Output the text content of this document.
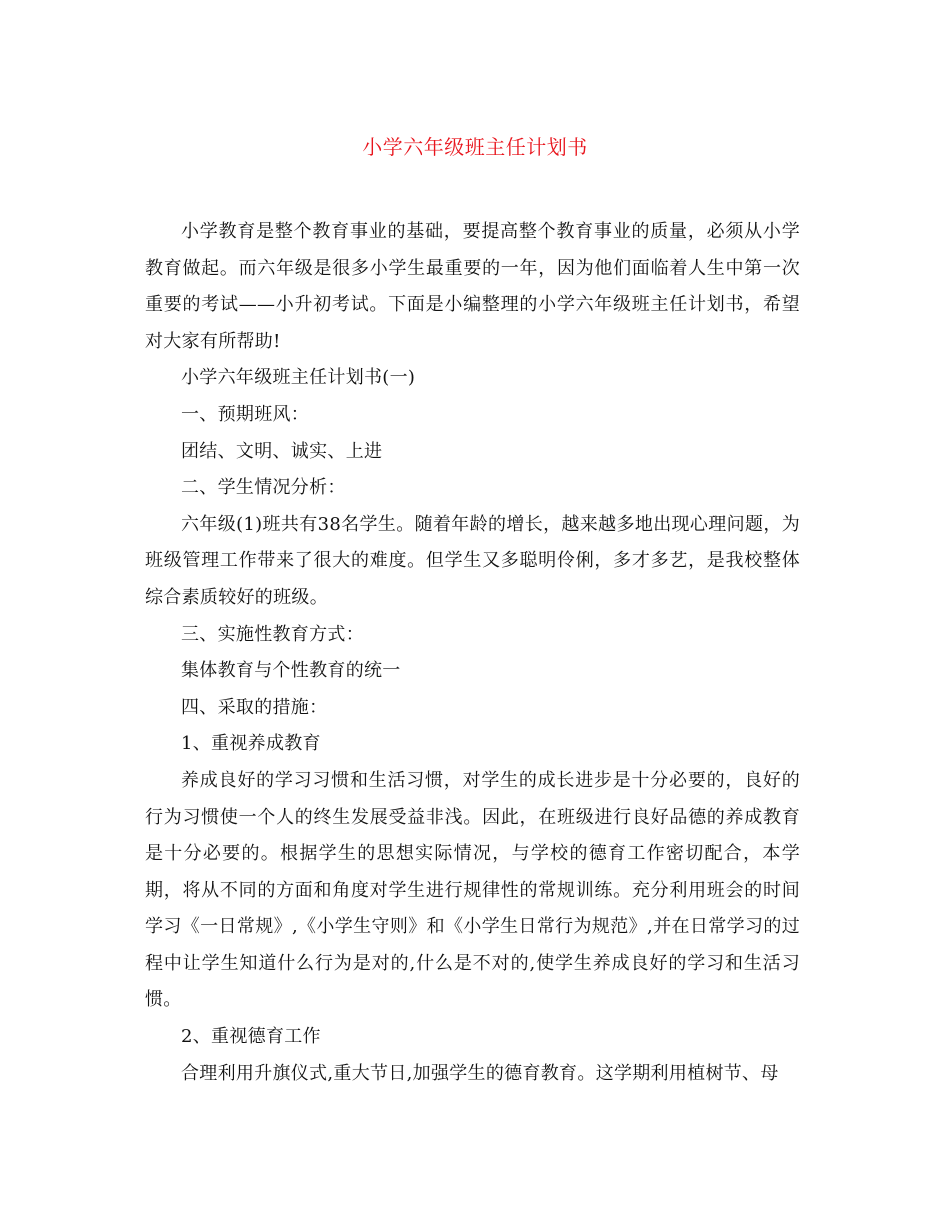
小学六年级班主任计划书

小学教育是整个教育事业的基础，要提高整个教育事业的质量，必须从小学教育做起。而六年级是很多小学生最重要的一年，因为他们面临着人生中第一次重要的考试——小升初考试。下面是小编整理的小学六年级班主任计划书，希望对大家有所帮助!

小学六年级班主任计划书(一)

一、预期班风：

团结、文明、诚实、上进

二、学生情况分析：

六年级(1)班共有38名学生。随着年龄的增长，越来越多地出现心理问题，为班级管理工作带来了很大的难度。但学生又多聪明伶俐，多才多艺，是我校整体综合素质较好的班级。

三、实施性教育方式：

集体教育与个性教育的统一

四、采取的措施：

1、重视养成教育

养成良好的学习习惯和生活习惯，对学生的成长进步是十分必要的，良好的行为习惯使一个人的终生发展受益非浅。因此，在班级进行良好品德的养成教育是十分必要的。根据学生的思想实际情况，与学校的德育工作密切配合，本学期，将从不同的方面和角度对学生进行规律性的常规训练。充分利用班会的时间学习《一日常规》,《小学生守则》和《小学生日常行为规范》,并在日常学习的过程中让学生知道什么行为是对的,什么是不对的,使学生养成良好的学习和生活习惯。

2、重视德育工作

合理利用升旗仪式,重大节日,加强学生的德育教育。这学期利用植树节、母
